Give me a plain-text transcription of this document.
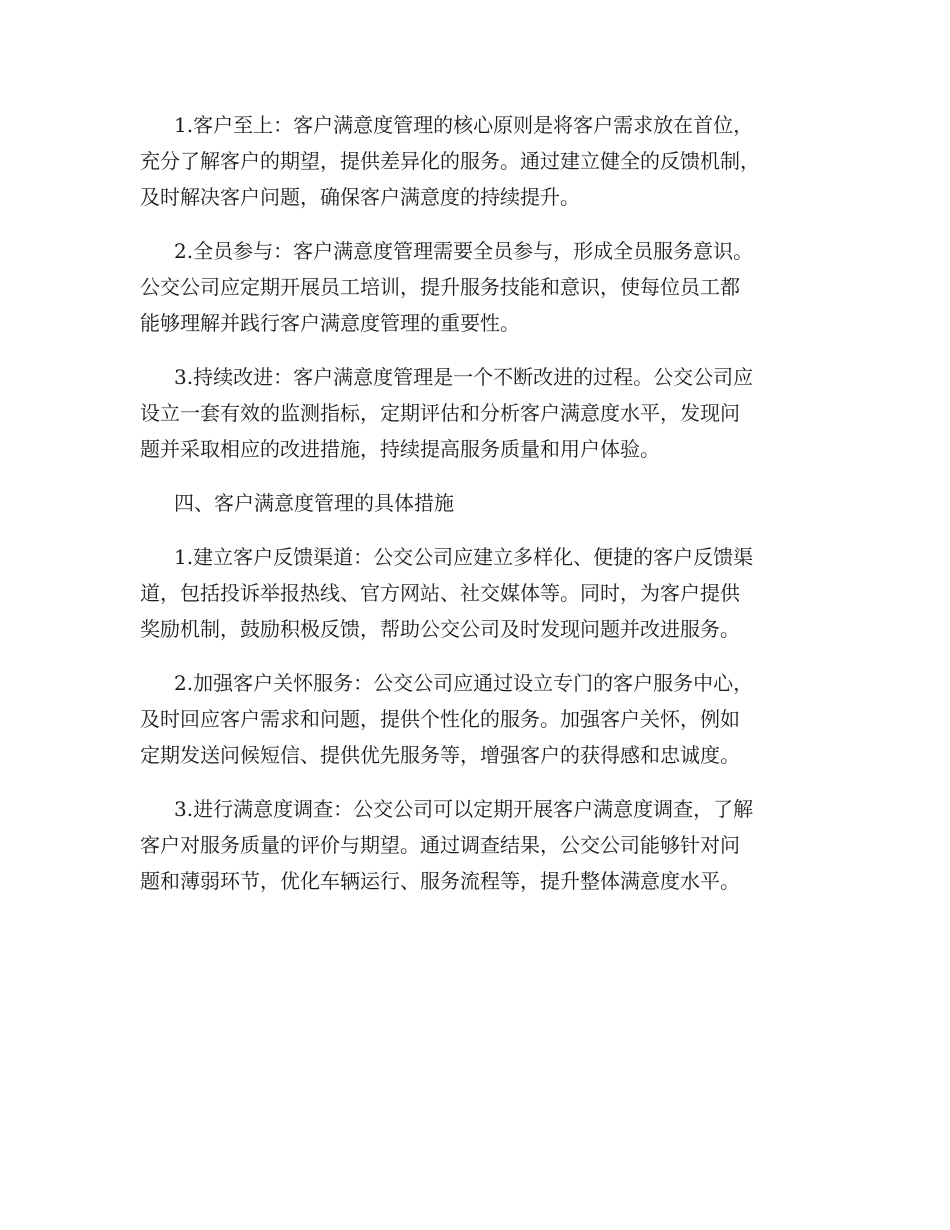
1.客户至上：客户满意度管理的核心原则是将客户需求放在首位，
充分了解客户的期望，提供差异化的服务。通过建立健全的反馈机制，
及时解决客户问题，确保客户满意度的持续提升。

2.全员参与：客户满意度管理需要全员参与，形成全员服务意识。
公交公司应定期开展员工培训，提升服务技能和意识，使每位员工都
能够理解并践行客户满意度管理的重要性。

3.持续改进：客户满意度管理是一个不断改进的过程。公交公司应
设立一套有效的监测指标，定期评估和分析客户满意度水平，发现问
题并采取相应的改进措施，持续提高服务质量和用户体验。

四、客户满意度管理的具体措施

1.建立客户反馈渠道：公交公司应建立多样化、便捷的客户反馈渠
道，包括投诉举报热线、官方网站、社交媒体等。同时，为客户提供
奖励机制，鼓励积极反馈，帮助公交公司及时发现问题并改进服务。

2.加强客户关怀服务：公交公司应通过设立专门的客户服务中心，
及时回应客户需求和问题，提供个性化的服务。加强客户关怀，例如
定期发送问候短信、提供优先服务等，增强客户的获得感和忠诚度。

3.进行满意度调查：公交公司可以定期开展客户满意度调查，了解
客户对服务质量的评价与期望。通过调查结果，公交公司能够针对问
题和薄弱环节，优化车辆运行、服务流程等，提升整体满意度水平。
